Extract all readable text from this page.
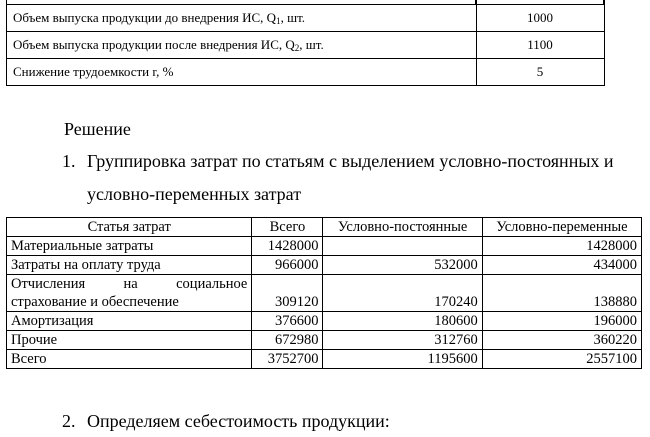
Объем выпуска продукции до внедрения ИС, $Q_1$, шт.	1000
Объем выпуска продукции после внедрения ИС, $Q_2$, шт.	1100
Снижение трудоемкости r, %	5
Решение
1. Группировка затрат по статьям с выделением условно-постоянных и
условно-переменных затрат
Статья затрат	Всего	Условно-постоянные	Условно-переменные
Материальные затраты	1428000		1428000
Затраты на оплату труда	966000	532000	434000

Отчисления на социальное
страхование и обеспечение	309120	170240	138880
Амортизация	376600	180600	196000
Прочие	672980	312760	360220
Всего	3752700	1195600	2557100
2. Определяем себестоимость продукции:
